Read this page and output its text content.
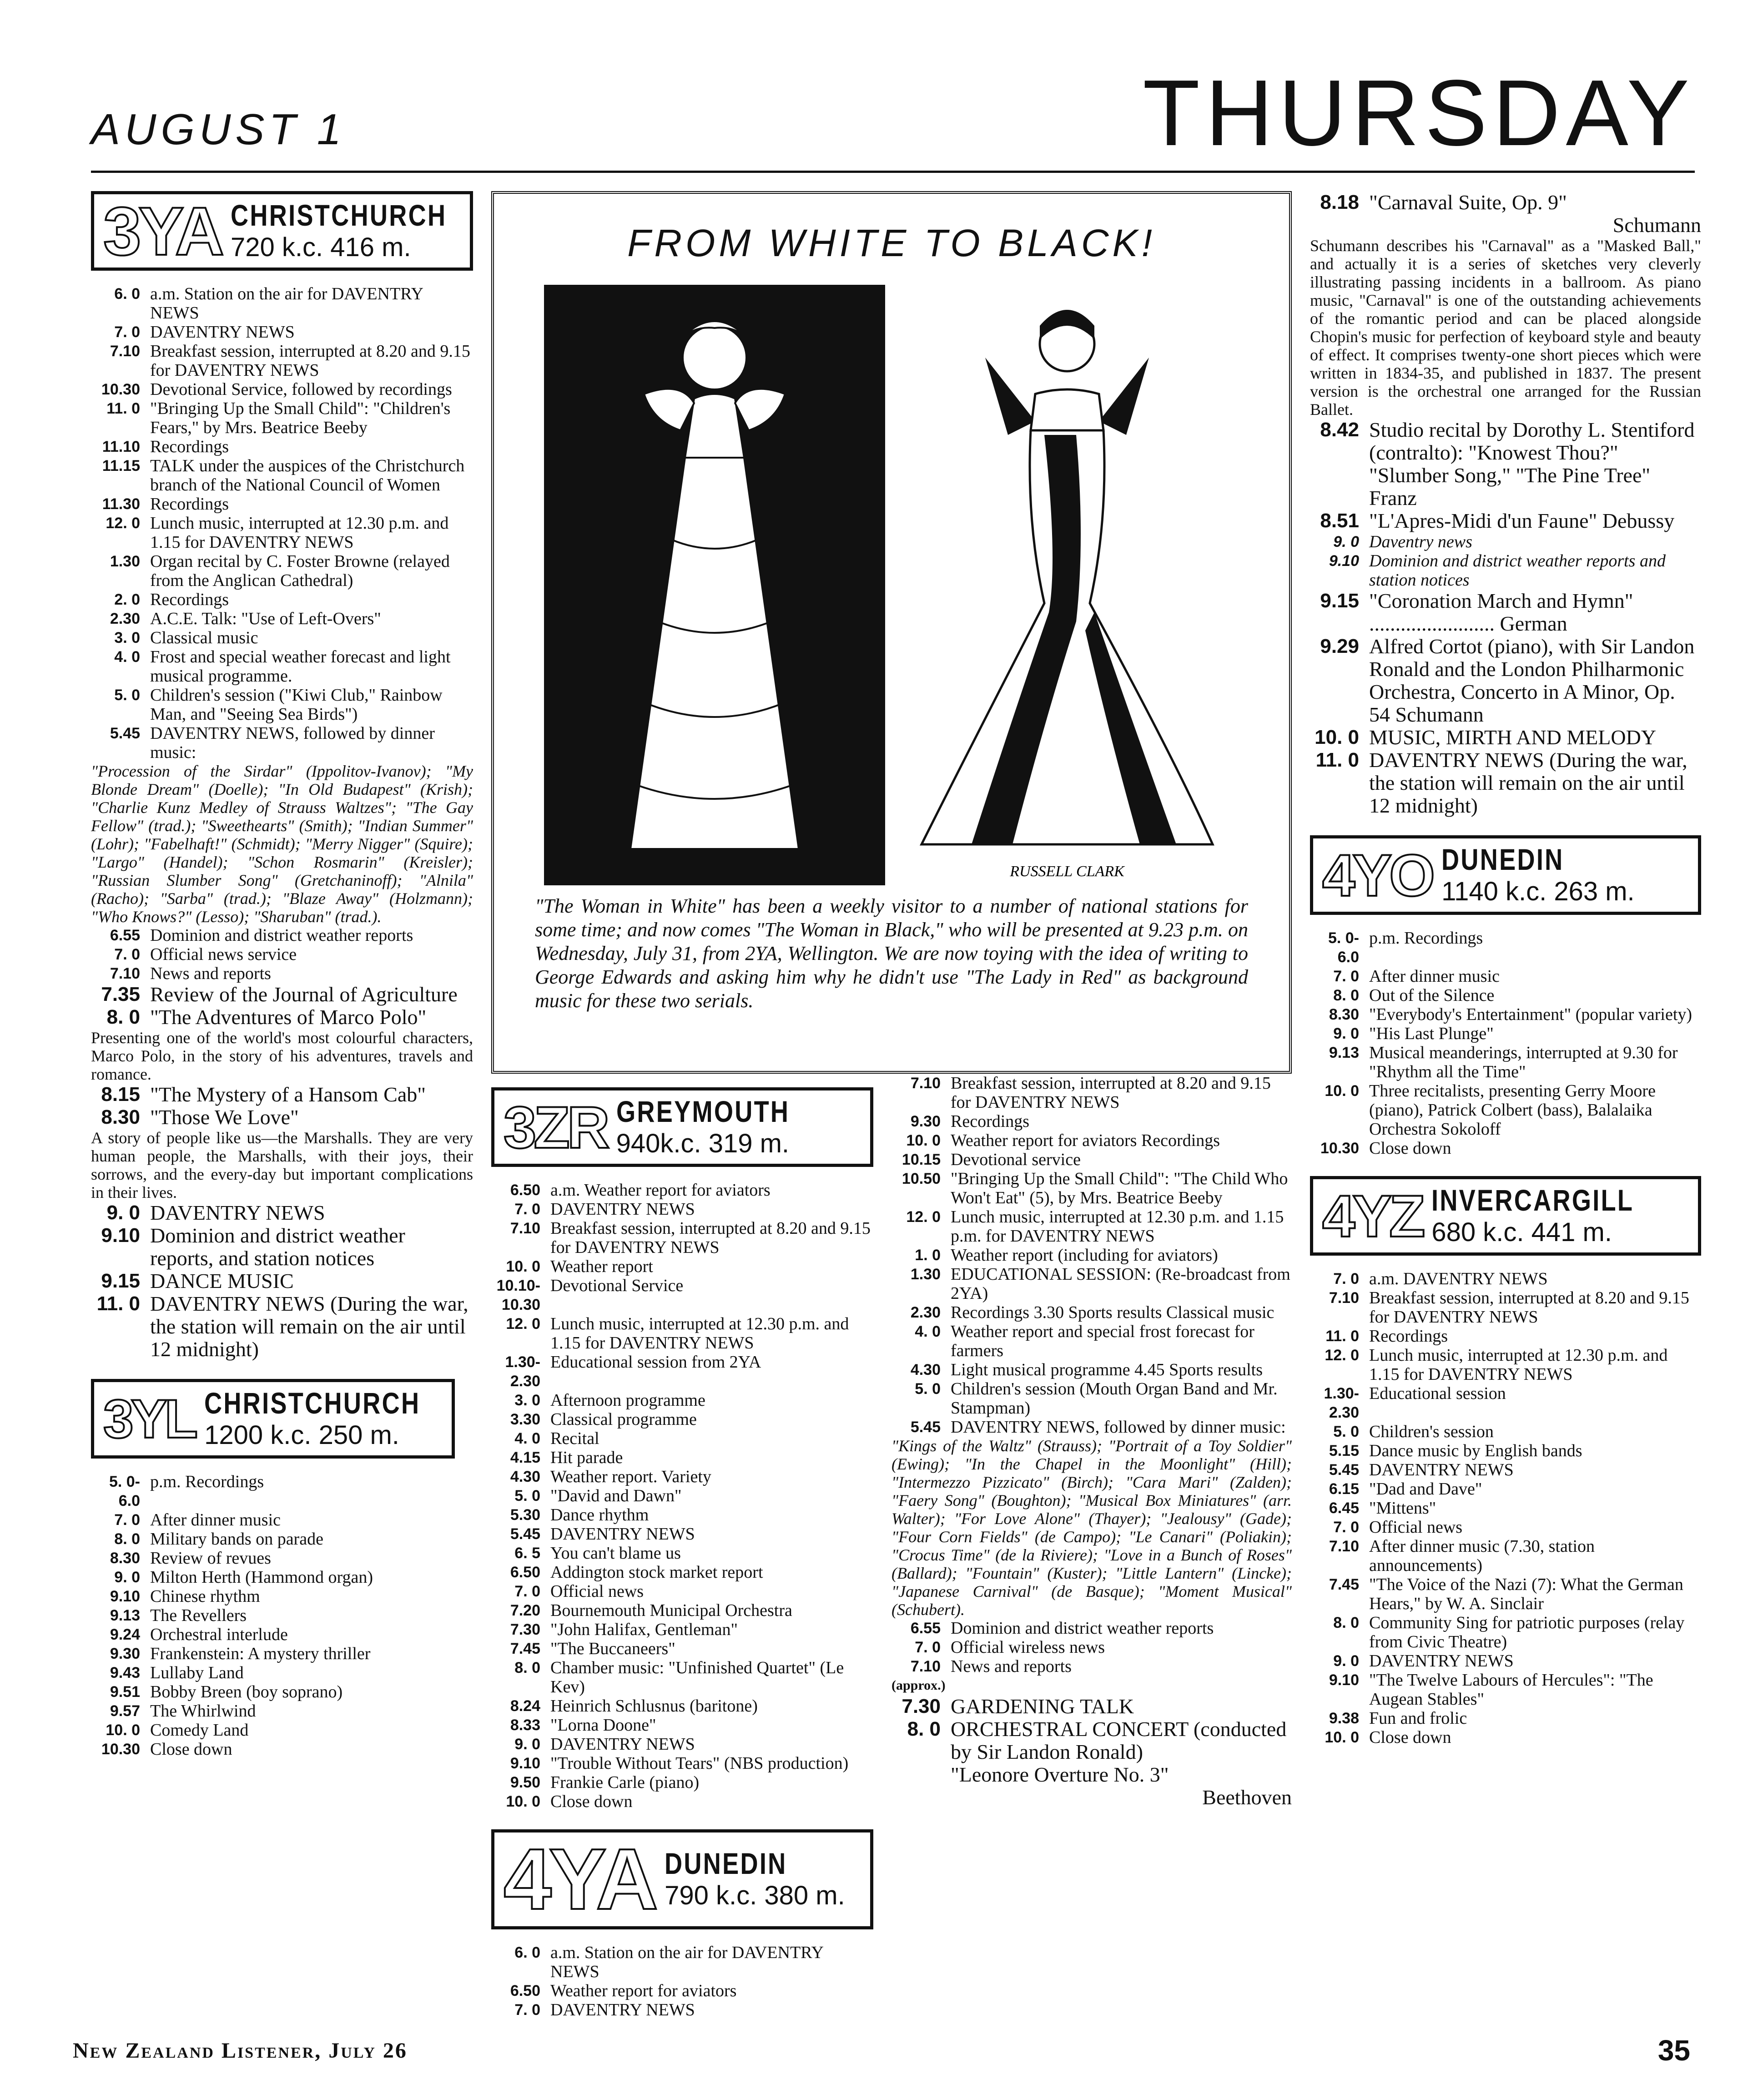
AUGUST 1	THURSDAY
3YA CHRISTCHURCH
720 k.c. 416 m.
6. 0 a.m. Station on the air for DAVENTRY NEWS
7. 0 DAVENTRY NEWS
7.10 Breakfast session, interrupted at 8.20 and 9.15 for DAVENTRY NEWS
10.30 Devotional Service, followed by recordings
11. 0 "Bringing Up the Small Child": "Children's Fears," by Mrs. Beatrice Beeby
11.10 Recordings
11.15 TALK under the auspices of the Christchurch branch of the National Council of Women
11.30 Recordings
12. 0 Lunch music, interrupted at 12.30 p.m. and 1.15 for DAVENTRY NEWS
1.30 Organ recital by C. Foster Browne (relayed from the Anglican Cathedral)
2. 0 Recordings
2.30 A.C.E. Talk: "Use of Left-Overs"
3. 0 Classical music
4. 0 Frost and special weather forecast and light musical programme.
5. 0 Children's session ("Kiwi Club," Rainbow Man, and "Seeing Sea Birds")
5.45 DAVENTRY NEWS, followed by dinner music:
"Procession of the Sirdar" (Ippolitov-Ivanov); "My Blonde Dream" (Doelle); "In Old Budapest" (Krish); "Charlie Kunz Medley of Strauss Waltzes"; "The Gay Fellow" (trad.); "Sweethearts" (Smith); "Indian Summer" (Lohr); "Fabelhaft!" (Schmidt); "Merry Nigger" (Squire); "Largo" (Handel); "Schon Rosmarin" (Kreisler); "Russian Slumber Song" (Gretchaninoff); "Alnila" (Racho); "Sarba" (trad.); "Blaze Away" (Holzmann); "Who Knows?" (Lesso); "Sharuban" (trad.).
6.55 Dominion and district weather reports
7. 0 Official news service
7.10 News and reports
7.35 Review of the Journal of Agriculture
8. 0 "The Adventures of Marco Polo"
Presenting one of the world's most colourful characters, Marco Polo, in the story of his adventures, travels and romance.
8.15 "The Mystery of a Hansom Cab"
8.30 "Those We Love"
A story of people like us—the Marshalls. They are very human people, the Marshalls, with their joys, their sorrows, and the every-day but important complications in their lives.
9. 0 DAVENTRY NEWS
9.10 Dominion and district weather reports, and station notices
9.15 DANCE MUSIC
11. 0 DAVENTRY NEWS (During the war, the station will remain on the air until 12 midnight)
3YL CHRISTCHURCH
1200 k.c. 250 m.
5. 0-6.0
p.m. Recordings
7. 0 After dinner music
8. 0 Military bands on parade
8.30 Review of revues
9. 0 Milton Herth (Hammond organ)
9.10 Chinese rhythm
9.13 The Revellers
9.24 Orchestral interlude
9.30 Frankenstein: A mystery thriller
9.43 Lullaby Land
9.51 Bobby Breen (boy soprano)
9.57 The Whirlwind
10. 0 Comedy Land
10.30 Close down
FROM WHITE TO BLACK!
RUSSELL CLARK
"The Woman in White" has been a weekly visitor to a number of national stations for some time; and now comes "The Woman in Black," who will be presented at 9.23 p.m. on Wednesday, July 31, from 2YA, Wellington. We are now toying with the idea of writing to George Edwards and asking him why he didn't use "The Lady in Red" as background music for these two serials.
3ZR GREYMOUTH
940k.c. 319 m.
6.50 a.m. Weather report for aviators
7. 0 DAVENTRY NEWS
7.10 Breakfast session, interrupted at 8.20 and 9.15 for DAVENTRY NEWS
10. 0 Weather report
10.10-10.30
Devotional Service
12. 0 Lunch music, interrupted at 12.30 p.m. and 1.15 for DAVENTRY NEWS
1.30-2.30
Educational session from 2YA
3. 0 Afternoon programme
3.30 Classical programme
4. 0 Recital
4.15 Hit parade
4.30 Weather report. Variety
5. 0 "David and Dawn"
5.30 Dance rhythm
5.45 DAVENTRY NEWS
6. 5 You can't blame us
6.50 Addington stock market report
7. 0 Official news
7.20 Bournemouth Municipal Orchestra
7.30 "John Halifax, Gentleman"
7.45 "The Buccaneers"
8. 0 Chamber music: "Unfinished Quartet" (Le Kev)
8.24 Heinrich Schlusnus (baritone)
8.33 "Lorna Doone"
9. 0 DAVENTRY NEWS
9.10 "Trouble Without Tears" (NBS production)
9.50 Frankie Carle (piano)
10. 0 Close down
4YA DUNEDIN
790 k.c. 380 m.
6. 0 a.m. Station on the air for DAVENTRY NEWS
6.50 Weather report for aviators
7. 0 DAVENTRY NEWS
7.10 Breakfast session, interrupted at 8.20 and 9.15 for DAVENTRY NEWS
9.30 Recordings
10. 0 Weather report for aviators Recordings
10.15 Devotional service
10.50 "Bringing Up the Small Child": "The Child Who Won't Eat" (5), by Mrs. Beatrice Beeby
12. 0 Lunch music, interrupted at 12.30 p.m. and 1.15 p.m. for DAVENTRY NEWS
1. 0 Weather report (including for aviators)
1.30 EDUCATIONAL SESSION: (Re-broadcast from 2YA)
2.30 Recordings 3.30 Sports results Classical music
4. 0 Weather report and special frost forecast for farmers
4.30 Light musical programme 4.45 Sports results
5. 0 Children's session (Mouth Organ Band and Mr. Stampman)
5.45 DAVENTRY NEWS, followed by dinner music:
"Kings of the Waltz" (Strauss); "Portrait of a Toy Soldier" (Ewing); "In the Chapel in the Moonlight" (Hill); "Intermezzo Pizzicato" (Birch); "Cara Mari" (Zalden); "Faery Song" (Boughton); "Musical Box Miniatures" (arr. Walter); "For Love Alone" (Thayer); "Jealousy" (Gade); "Four Corn Fields" (de Campo); "Le Canari" (Poliakin); "Crocus Time" (de la Riviere); "Love in a Bunch of Roses" (Ballard); "Fountain" (Kuster); "Little Lantern" (Lincke); "Japanese Carnival" (de Basque); "Moment Musical" (Schubert).
6.55 Dominion and district weather reports
7. 0 Official wireless news
7.10 News and reports
(approx.)
7.30 GARDENING TALK
8. 0 ORCHESTRAL CONCERT (conducted by Sir Landon Ronald)
"Leonore Overture No. 3"
Beethoven
8.18 "Carnaval Suite, Op. 9"
Schumann
Schumann describes his "Carnaval" as a "Masked Ball," and actually it is a series of sketches very cleverly illustrating passing incidents in a ballroom. As piano music, "Carnaval" is one of the outstanding achievements of the romantic period and can be placed alongside Chopin's music for perfection of keyboard style and beauty of effect. It comprises twenty-one short pieces which were written in 1834-35, and published in 1837. The present version is the orchestral one arranged for the Russian Ballet.
8.42 Studio recital by Dorothy L. Stentiford (contralto): "Knowest Thou?" "Slumber Song," "The Pine Tree" Franz
8.51 "L'Apres-Midi d'un Faune" Debussy
9. 0 Daventry news
9.10 Dominion and district weather reports and station notices
9.15 "Coronation March and Hymn" ........................ German
9.29 Alfred Cortot (piano), with Sir Landon Ronald and the London Philharmonic Orchestra, Concerto in A Minor, Op. 54 Schumann
10. 0 MUSIC, MIRTH AND MELODY
11. 0 DAVENTRY NEWS (During the war, the station will remain on the air until 12 midnight)
4YO DUNEDIN
1140 k.c. 263 m.
5. 0-6.0
p.m. Recordings
7. 0 After dinner music
8. 0 Out of the Silence
8.30 "Everybody's Entertainment" (popular variety)
9. 0 "His Last Plunge"
9.13 Musical meanderings, interrupted at 9.30 for "Rhythm all the Time"
10. 0 Three recitalists, presenting Gerry Moore (piano), Patrick Colbert (bass), Balalaika Orchestra Sokoloff
10.30 Close down
4YZ INVERCARGILL
680 k.c. 441 m.
7. 0 a.m. DAVENTRY NEWS
7.10 Breakfast session, interrupted at 8.20 and 9.15 for DAVENTRY NEWS
11. 0 Recordings
12. 0 Lunch music, interrupted at 12.30 p.m. and 1.15 for DAVENTRY NEWS
1.30-2.30
Educational session
5. 0 Children's session
5.15 Dance music by English bands
5.45 DAVENTRY NEWS
6.15 "Dad and Dave"
6.45 "Mittens"
7. 0 Official news
7.10 After dinner music (7.30, station announcements)
7.45 "The Voice of the Nazi (7): What the German Hears," by W. A. Sinclair
8. 0 Community Sing for patriotic purposes (relay from Civic Theatre)
9. 0 DAVENTRY NEWS
9.10 "The Twelve Labours of Hercules": "The Augean Stables"
9.38 Fun and frolic
10. 0 Close down
New Zealand Listener, July 26	35
